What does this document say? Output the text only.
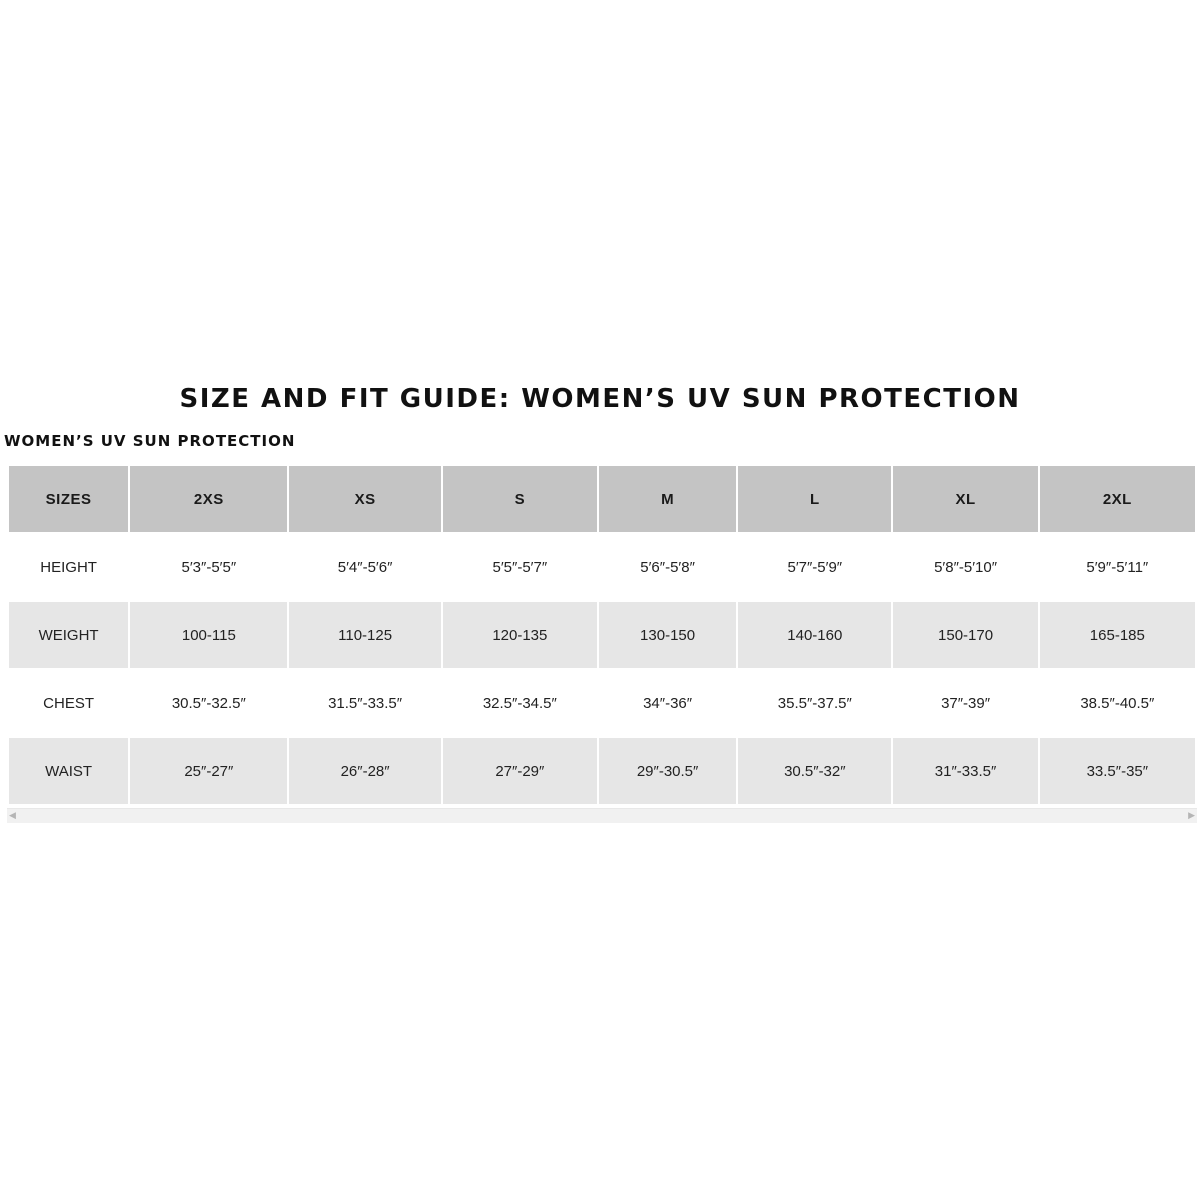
SIZE AND FIT GUIDE: WOMEN’S UV SUN PROTECTION
WOMEN’S UV SUN PROTECTION
SIZES	2XS	XS	S	M	L	XL	2XL
HEIGHT	5′3″-5′5″	5′4″-5′6″	5′5″-5′7″	5′6″-5′8″	5′7″-5′9″	5′8″-5′10″	5′9″-5′11″
WEIGHT	100-115	110-125	120-135	130-150	140-160	150-170	165-185
CHEST	30.5″-32.5″	31.5″-33.5″	32.5″-34.5″	34″-36″	35.5″-37.5″	37″-39″	38.5″-40.5″
WAIST	25″-27″	26″-28″	27″-29″	29″-30.5″	30.5″-32″	31″-33.5″	33.5″-35″
◀	▶
